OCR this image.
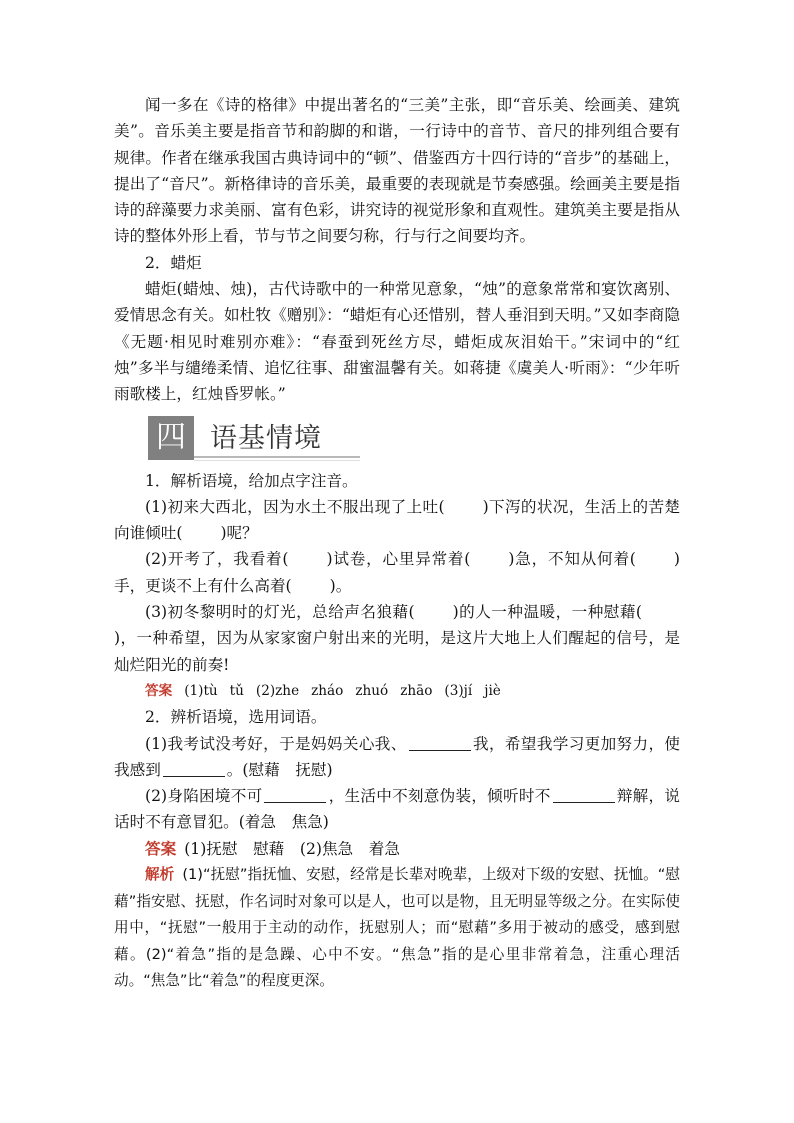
闻一多在《诗的格律》中提出著名的“三美”主张，即“音乐美、绘画美、建筑美”。音乐美主要是指音节和韵脚的和谐，一行诗中的音节、音尺的排列组合要有规律。作者在继承我国古典诗词中的“顿”、借鉴西方十四行诗的“音步”的基础上，提出了“音尺”。新格律诗的音乐美，最重要的表现就是节奏感强。绘画美主要是指诗的辞藻要力求美丽、富有色彩，讲究诗的视觉形象和直观性。建筑美主要是指从诗的整体外形上看，节与节之间要匀称，行与行之间要均齐。

2．蜡炬

蜡炬(蜡烛、烛)，古代诗歌中的一种常见意象，“烛”的意象常常和宴饮离别、爱情思念有关。如杜牧《赠别》：“蜡炬有心还惜别，替人垂泪到天明。”又如李商隐《无题·相见时难别亦难》：“春蚕到死丝方尽，蜡炬成灰泪始干。”宋词中的“红烛”多半与缱绻柔情、追忆往事、甜蜜温馨有关。如蒋捷《虞美人·听雨》：“少年听雨歌楼上，红烛昏罗帐。”

四 语基情境

1．解析语境，给加点字注音。

(1)初来大西北，因为水土不服出现了上吐( )下泻的状况，生活上的苦楚向谁倾吐( )呢？

(2)开考了，我看着( )试卷，心里异常着( )急，不知从何着( )手，更谈不上有什么高着( )。

(3)初冬黎明时的灯光，总给声名狼藉( )的人一种温暖，一种慰藉()，一种希望，因为从家家窗户射出来的光明，是这片大地上人们醒起的信号，是灿烂阳光的前奏!

答案 (1)tù tǔ (2)zhe zháo zhuó zhāo (3)jí jiè

2．辨析语境，选用词语。

(1)我考试没考好，于是妈妈关心我、	我，希望我学习更加努力，使我感到	。(慰藉　抚慰)

(2)身陷困境不可	，生活中不刻意伪装，倾听时不	辩解，说话时不有意冒犯。(着急　焦急)

答案 (1)抚慰　慰藉　(2)焦急　着急

解析 (1)“抚慰”指抚恤、安慰，经常是长辈对晚辈，上级对下级的安慰、抚恤。“慰藉”指安慰、抚慰，作名词时对象可以是人，也可以是物，且无明显等级之分。在实际使用中，“抚慰”一般用于主动的动作，抚慰别人；而“慰藉”多用于被动的感受，感到慰藉。(2)“着急”指的是急躁、心中不安。“焦急”指的是心里非常着急，注重心理活动。“焦急”比“着急”的程度更深。
